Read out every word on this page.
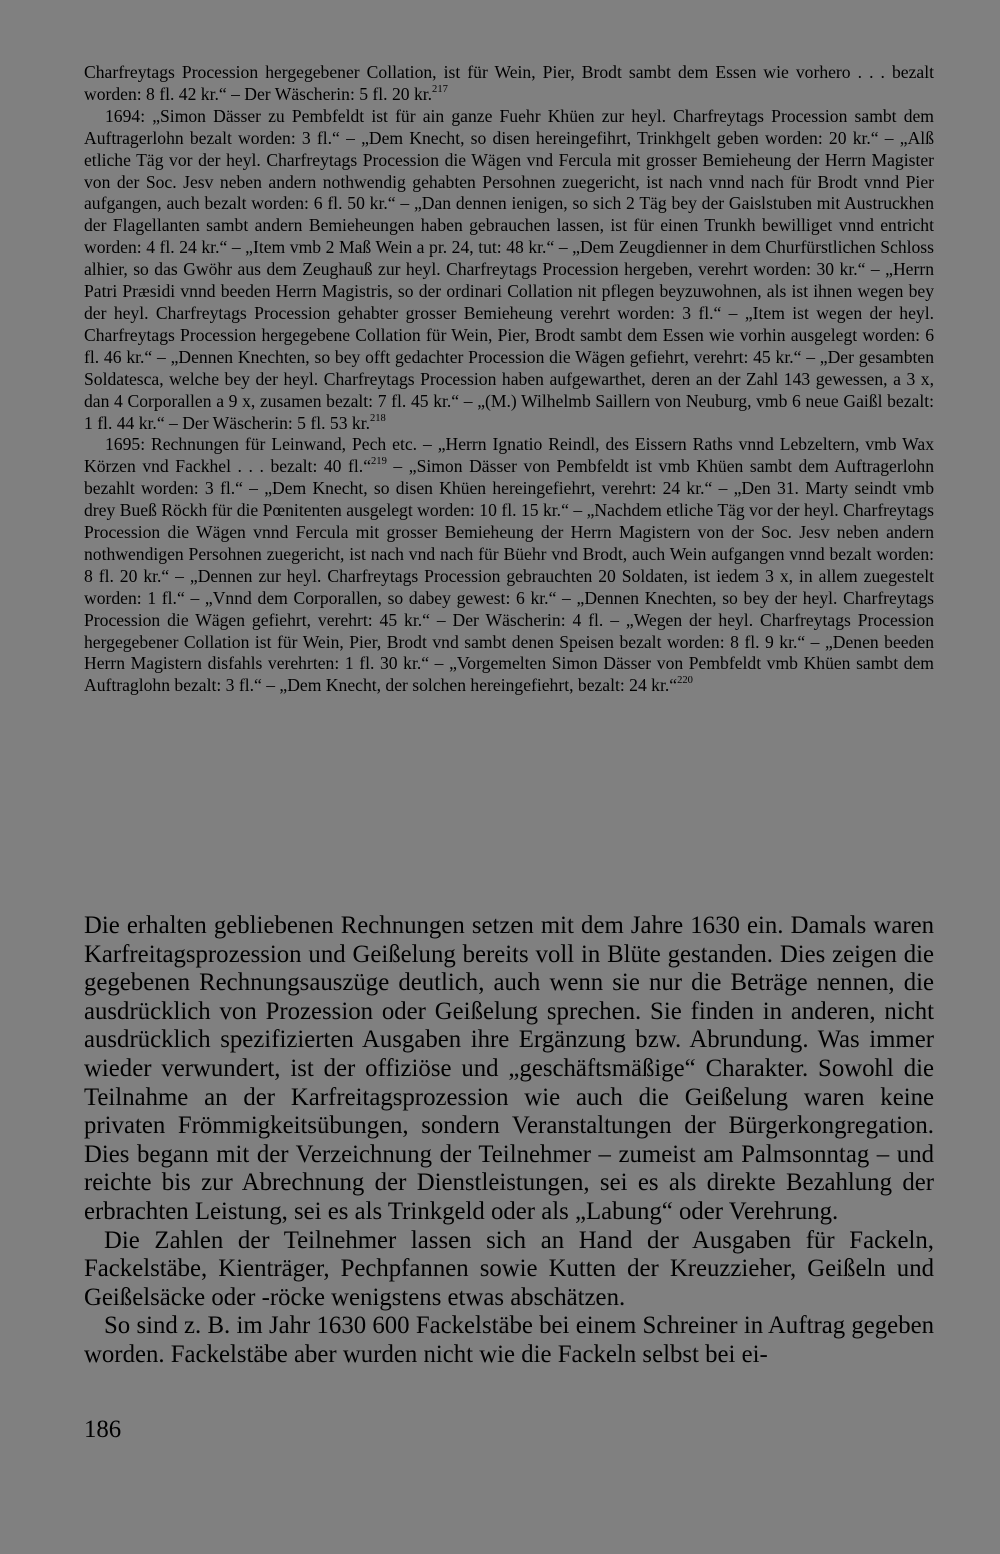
Charfreytags Procession hergegebener Collation, ist für Wein, Pier, Brodt sambt dem Essen wie vorhero . . . bezalt worden: 8 fl. 42 kr.“ – Der Wäscherin: 5 fl. 20 kr.$^{217}$

1694: „Simon Dässer zu Pembfeldt ist für ain ganze Fuehr Khüen zur heyl. Charfreytags Procession sambt dem Auftragerlohn bezalt worden: 3 fl.“ – „Dem Knecht, so disen hereingefihrt, Trinkhgelt geben worden: 20 kr.“ – „Alß etliche Täg vor der heyl. Charfreytags Procession die Wägen vnd Fercula mit grosser Bemieheung der Herrn Magister von der Soc. Jesv neben andern nothwendig gehabten Persohnen zuegericht, ist nach vnnd nach für Brodt vnnd Pier aufgangen, auch bezalt worden: 6 fl. 50 kr.“ – „Dan dennen ienigen, so sich 2 Täg bey der Gaislstuben mit Austruckhen der Flagellanten sambt andern Bemieheungen haben gebrauchen lassen, ist für einen Trunkh bewilliget vnnd entricht worden: 4 fl. 24 kr.“ – „Item vmb 2 Maß Wein a pr. 24, tut: 48 kr.“ – „Dem Zeugdienner in dem Churfürstlichen Schloss alhier, so das Gwöhr aus dem Zeughauß zur heyl. Charfreytags Procession hergeben, verehrt worden: 30 kr.“ – „Herrn Patri Præsidi vnnd beeden Herrn Magistris, so der ordinari Collation nit pflegen beyzuwohnen, als ist ihnen wegen bey der heyl. Charfreytags Procession gehabter grosser Bemieheung verehrt worden: 3 fl.“ – „Item ist wegen der heyl. Charfreytags Procession hergegebene Collation für Wein, Pier, Brodt sambt dem Essen wie vorhin ausgelegt worden: 6 fl. 46 kr.“ – „Dennen Knechten, so bey offt gedachter Procession die Wägen gefiehrt, verehrt: 45 kr.“ – „Der gesambten Soldatesca, welche bey der heyl. Charfreytags Procession haben aufgewarthet, deren an der Zahl 143 gewessen, a 3 x, dan 4 Corporallen a 9 x, zusamen bezalt: 7 fl. 45 kr.“ – „(M.) Wilhelmb Saillern von Neuburg, vmb 6 neue Gaißl bezalt: 1 fl. 44 kr.“ – Der Wäscherin: 5 fl. 53 kr.$^{218}$

1695: Rechnungen für Leinwand, Pech etc. – „Herrn Ignatio Reindl, des Eissern Raths vnnd Lebzeltern, vmb Wax Körzen vnd Fackhel . . . bezalt: 40 fl.“$^{219}$ – „Simon Dässer von Pembfeldt ist vmb Khüen sambt dem Auftragerlohn bezahlt worden: 3 fl.“ – „Dem Knecht, so disen Khüen hereingefiehrt, verehrt: 24 kr.“ – „Den 31. Marty seindt vmb drey Bueß Röckh für die Pœnitenten ausgelegt worden: 10 fl. 15 kr.“ – „Nachdem etliche Täg vor der heyl. Charfreytags Procession die Wägen vnnd Fercula mit grosser Bemieheung der Herrn Magistern von der Soc. Jesv neben andern nothwendigen Persohnen zuegericht, ist nach vnd nach für Büehr vnd Brodt, auch Wein aufgangen vnnd bezalt worden: 8 fl. 20 kr.“ – „Dennen zur heyl. Charfreytags Procession gebrauchten 20 Soldaten, ist iedem 3 x, in allem zuegestelt worden: 1 fl.“ – „Vnnd dem Corporallen, so dabey gewest: 6 kr.“ – „Dennen Knechten, so bey der heyl. Charfreytags Procession die Wägen gefiehrt, verehrt: 45 kr.“ – Der Wäscherin: 4 fl. – „Wegen der heyl. Charfreytags Procession hergegebener Collation ist für Wein, Pier, Brodt vnd sambt denen Speisen bezalt worden: 8 fl. 9 kr.“ – „Denen beeden Herrn Magistern disfahls verehrten: 1 fl. 30 kr.“ – „Vorgemelten Simon Dässer von Pembfeldt vmb Khüen sambt dem Auftraglohn bezalt: 3 fl.“ – „Dem Knecht, der solchen hereingefiehrt, bezalt: 24 kr.“$^{220}$

Die erhalten gebliebenen Rechnungen setzen mit dem Jahre 1630 ein. Damals waren Karfreitagsprozession und Geißelung bereits voll in Blüte gestanden. Dies zeigen die gegebenen Rechnungsauszüge deutlich, auch wenn sie nur die Beträge nennen, die ausdrücklich von Prozession oder Geißelung sprechen. Sie finden in anderen, nicht ausdrücklich spezifizierten Ausgaben ihre Ergänzung bzw. Abrundung. Was immer wieder verwundert, ist der offiziöse und „geschäftsmäßige“ Charakter. Sowohl die Teilnahme an der Karfreitagsprozession wie auch die Geißelung waren keine privaten Frömmigkeitsübungen, sondern Veranstaltungen der Bürgerkongregation. Dies begann mit der Verzeichnung der Teilnehmer – zumeist am Palmsonntag – und reichte bis zur Abrechnung der Dienstleistungen, sei es als direkte Bezahlung der erbrachten Leistung, sei es als Trinkgeld oder als „Labung“ oder Verehrung.

Die Zahlen der Teilnehmer lassen sich an Hand der Ausgaben für Fackeln, Fackelstäbe, Kienträger, Pechpfannen sowie Kutten der Kreuzzieher, Geißeln und Geißelsäcke oder -röcke wenigstens etwas abschätzen.

So sind z. B. im Jahr 1630 600 Fackelstäbe bei einem Schreiner in Auftrag gegeben worden. Fackelstäbe aber wurden nicht wie die Fackeln selbst bei ei-

186
